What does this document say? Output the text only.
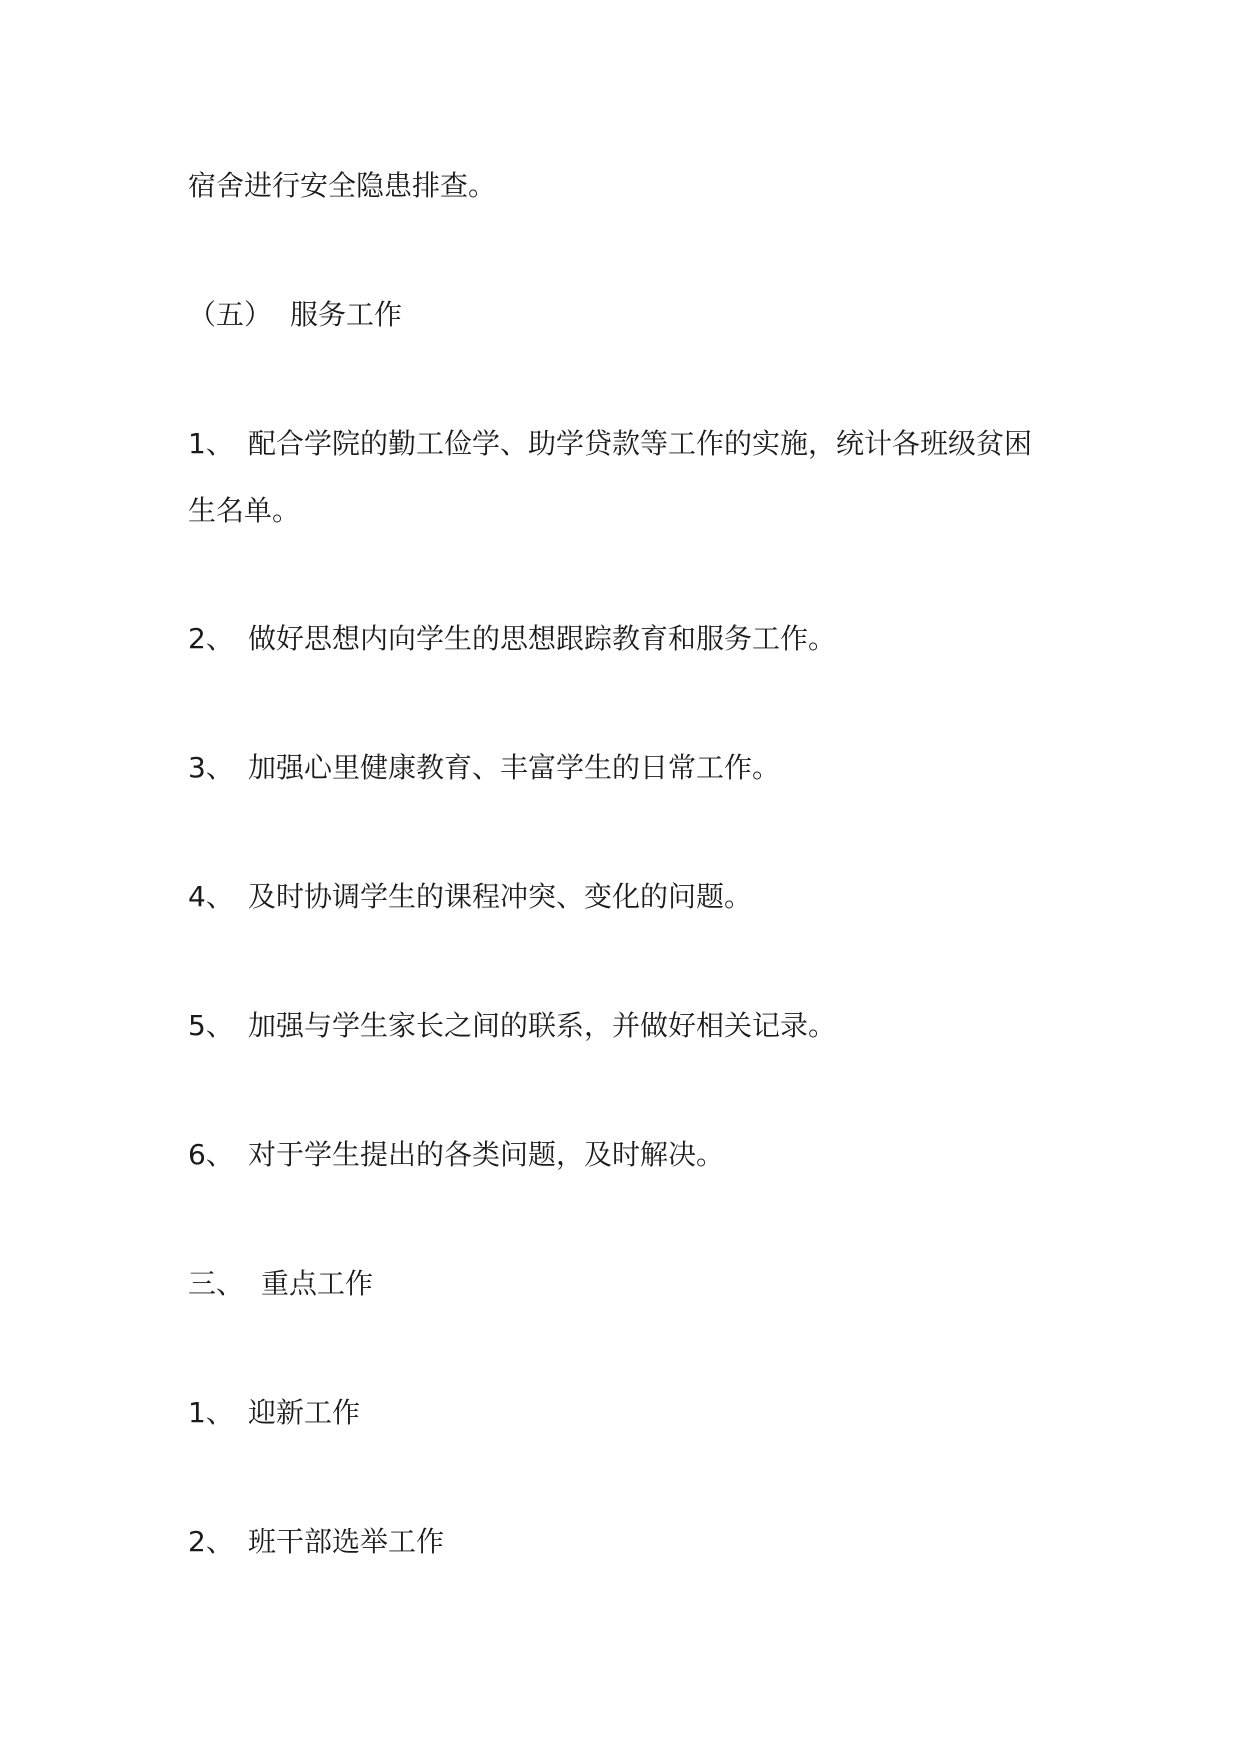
宿舍进行安全隐患排查。
（五） 服务工作
1、 配合学院的勤工俭学、助学贷款等工作的实施，统计各班级贫困
生名单。
2、 做好思想内向学生的思想跟踪教育和服务工作。
3、 加强心里健康教育、丰富学生的日常工作。
4、 及时协调学生的课程冲突、变化的问题。
5、 加强与学生家长之间的联系，并做好相关记录。
6、 对于学生提出的各类问题，及时解决。
三、 重点工作
1、 迎新工作
2、 班干部选举工作
